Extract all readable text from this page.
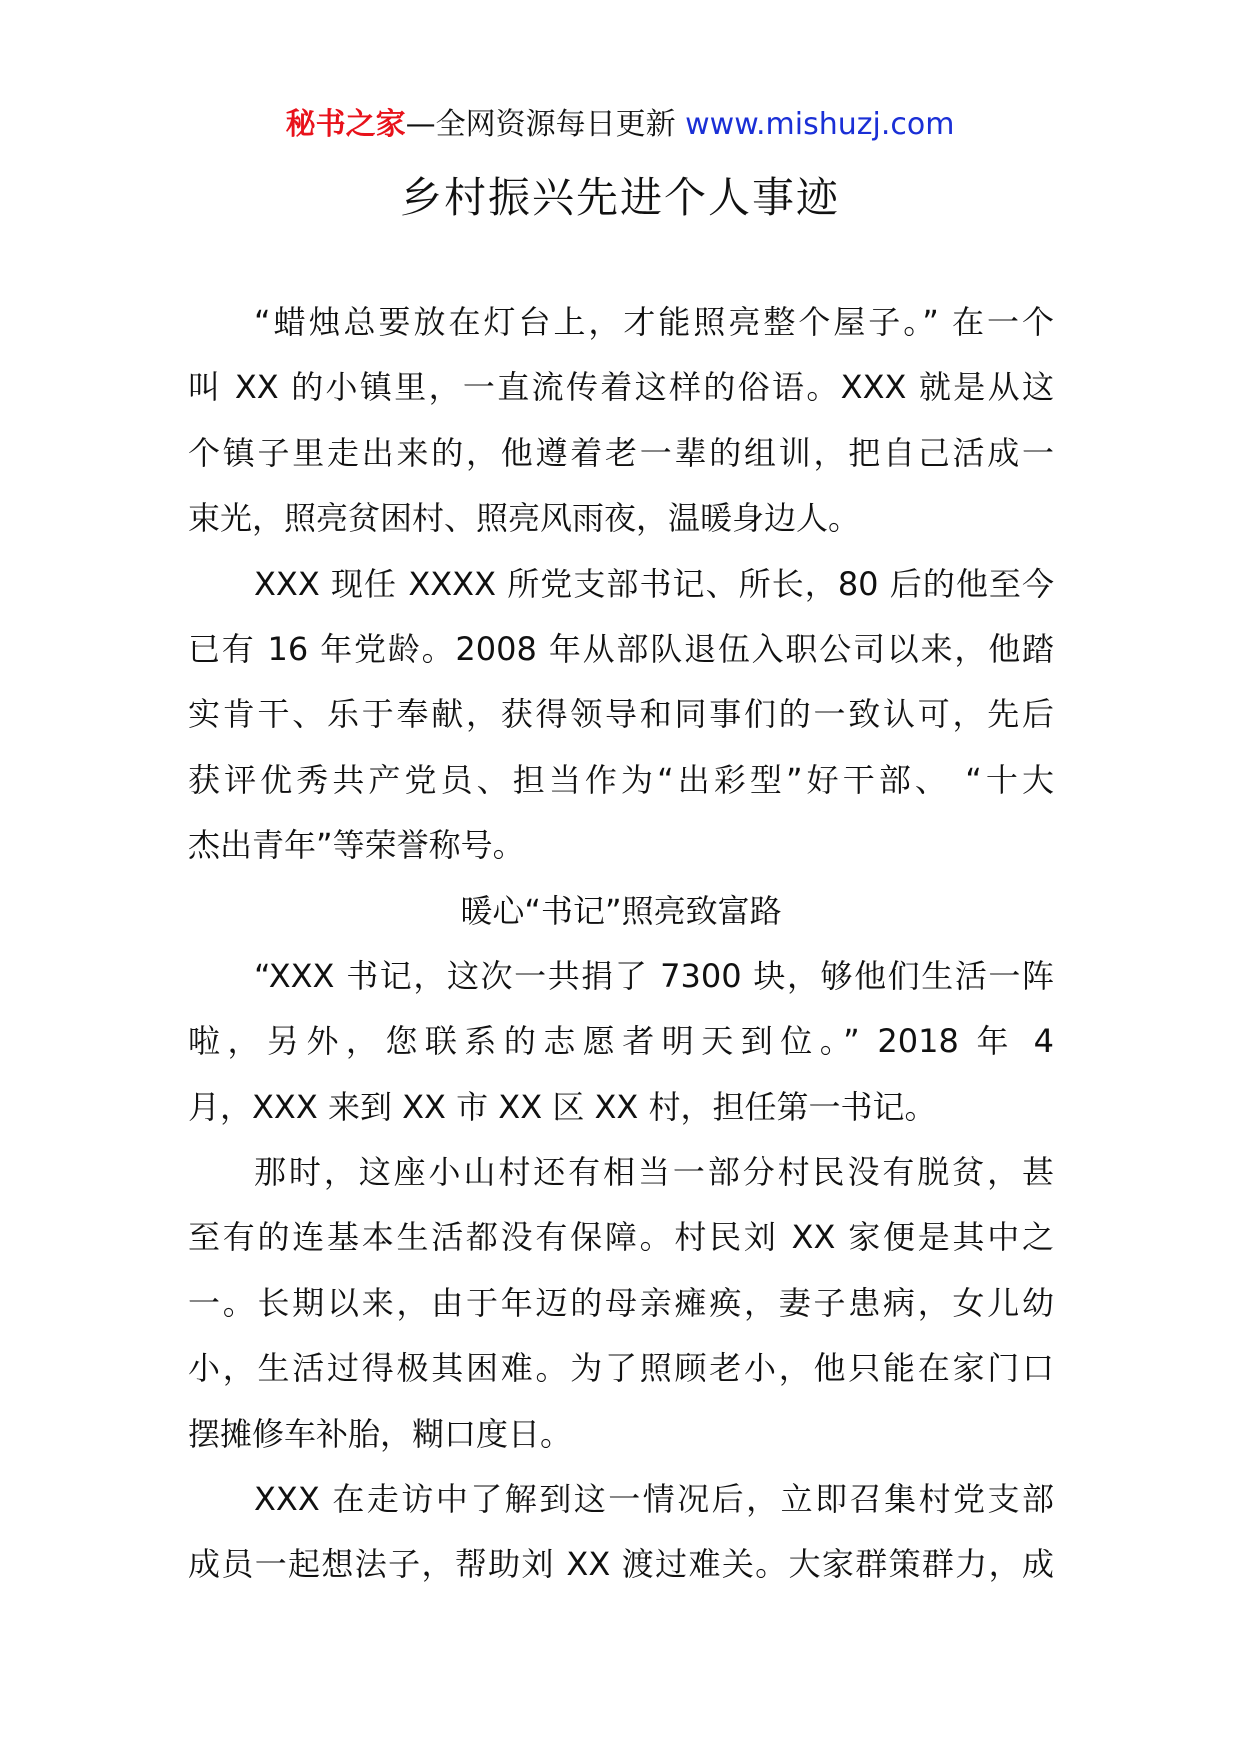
秘书之家—全网资源每日更新 www.mishuzj.com
乡村振兴先进个人事迹
“蜡烛总要放在灯台上，才能照亮整个屋子。” 在一个
叫 XX 的小镇里，一直流传着这样的俗语。XXX 就是从这
个镇子里走出来的，他遵着老一辈的组训，把自己活成一
束光，照亮贫困村、照亮风雨夜，温暖身边人。
XXX 现任 XXXX 所党支部书记、所长，80 后的他至今
已有 16 年党龄。2008 年从部队退伍入职公司以来，他踏
实肯干、乐于奉献，获得领导和同事们的一致认可，先后
获评优秀共产党员、担当作为“出彩型”好干部、 “十大
杰出青年”等荣誉称号。
暖心“书记”照亮致富路
“XXX 书记，这次一共捐了 7300 块，够他们生活一阵
啦，另外，您联系的志愿者明天到位。” 2018 年 4
月，XXX 来到 XX 市 XX 区 XX 村，担任第一书记。
那时，这座小山村还有相当一部分村民没有脱贫，甚
至有的连基本生活都没有保障。村民刘 XX 家便是其中之
一。长期以来，由于年迈的母亲瘫痪，妻子患病，女儿幼
小，生活过得极其困难。为了照顾老小，他只能在家门口
摆摊修车补胎，糊口度日。
XXX 在走访中了解到这一情况后，立即召集村党支部
成员一起想法子，帮助刘 XX 渡过难关。大家群策群力，成
